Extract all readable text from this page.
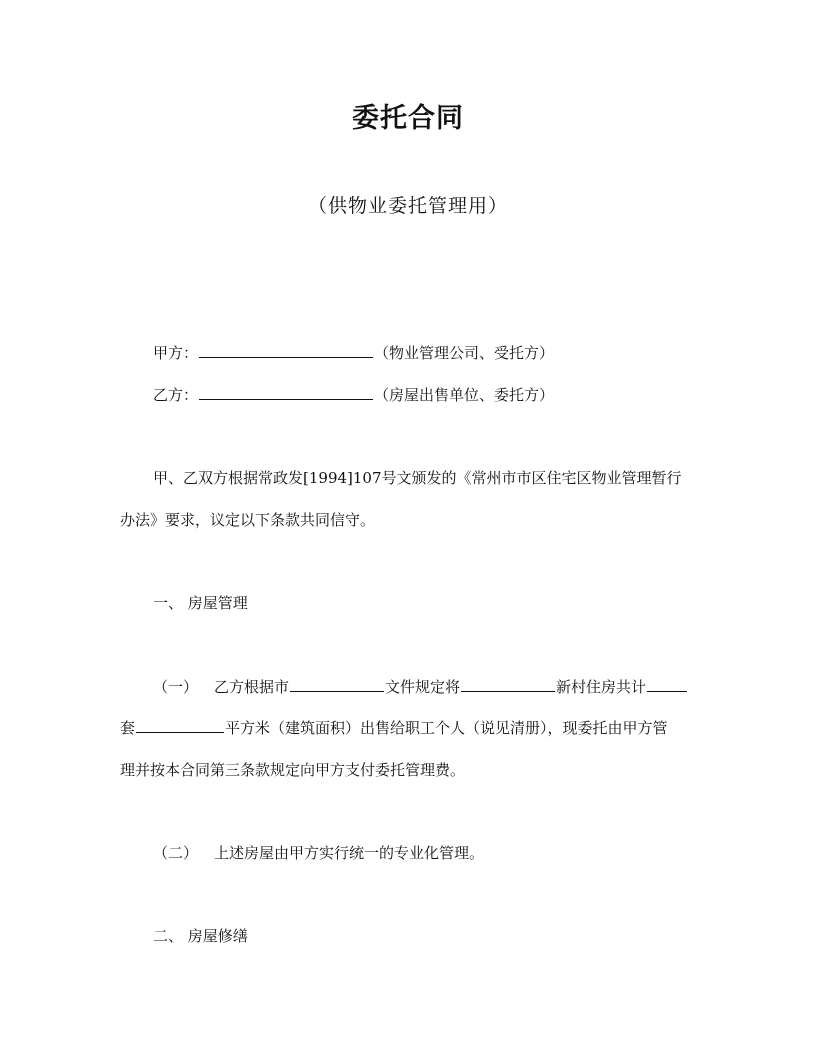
委托合同
（供物业委托管理用）
甲方：	（物业管理公司、受托方）
乙方：	（房屋出售单位、委托方）
甲、乙双方根据常政发[1994]107号文颁发的《常州市市区住宅区物业管理暂行
办法》要求，议定以下条款共同信守。
一、 房屋管理
（一） 乙方根据市	文件规定将	新村住房共计
套	平方米（建筑面积）出售给职工个人（说见清册），现委托由甲方管
理并按本合同第三条款规定向甲方支付委托管理费。
（二） 上述房屋由甲方实行统一的专业化管理。
二、 房屋修缮
